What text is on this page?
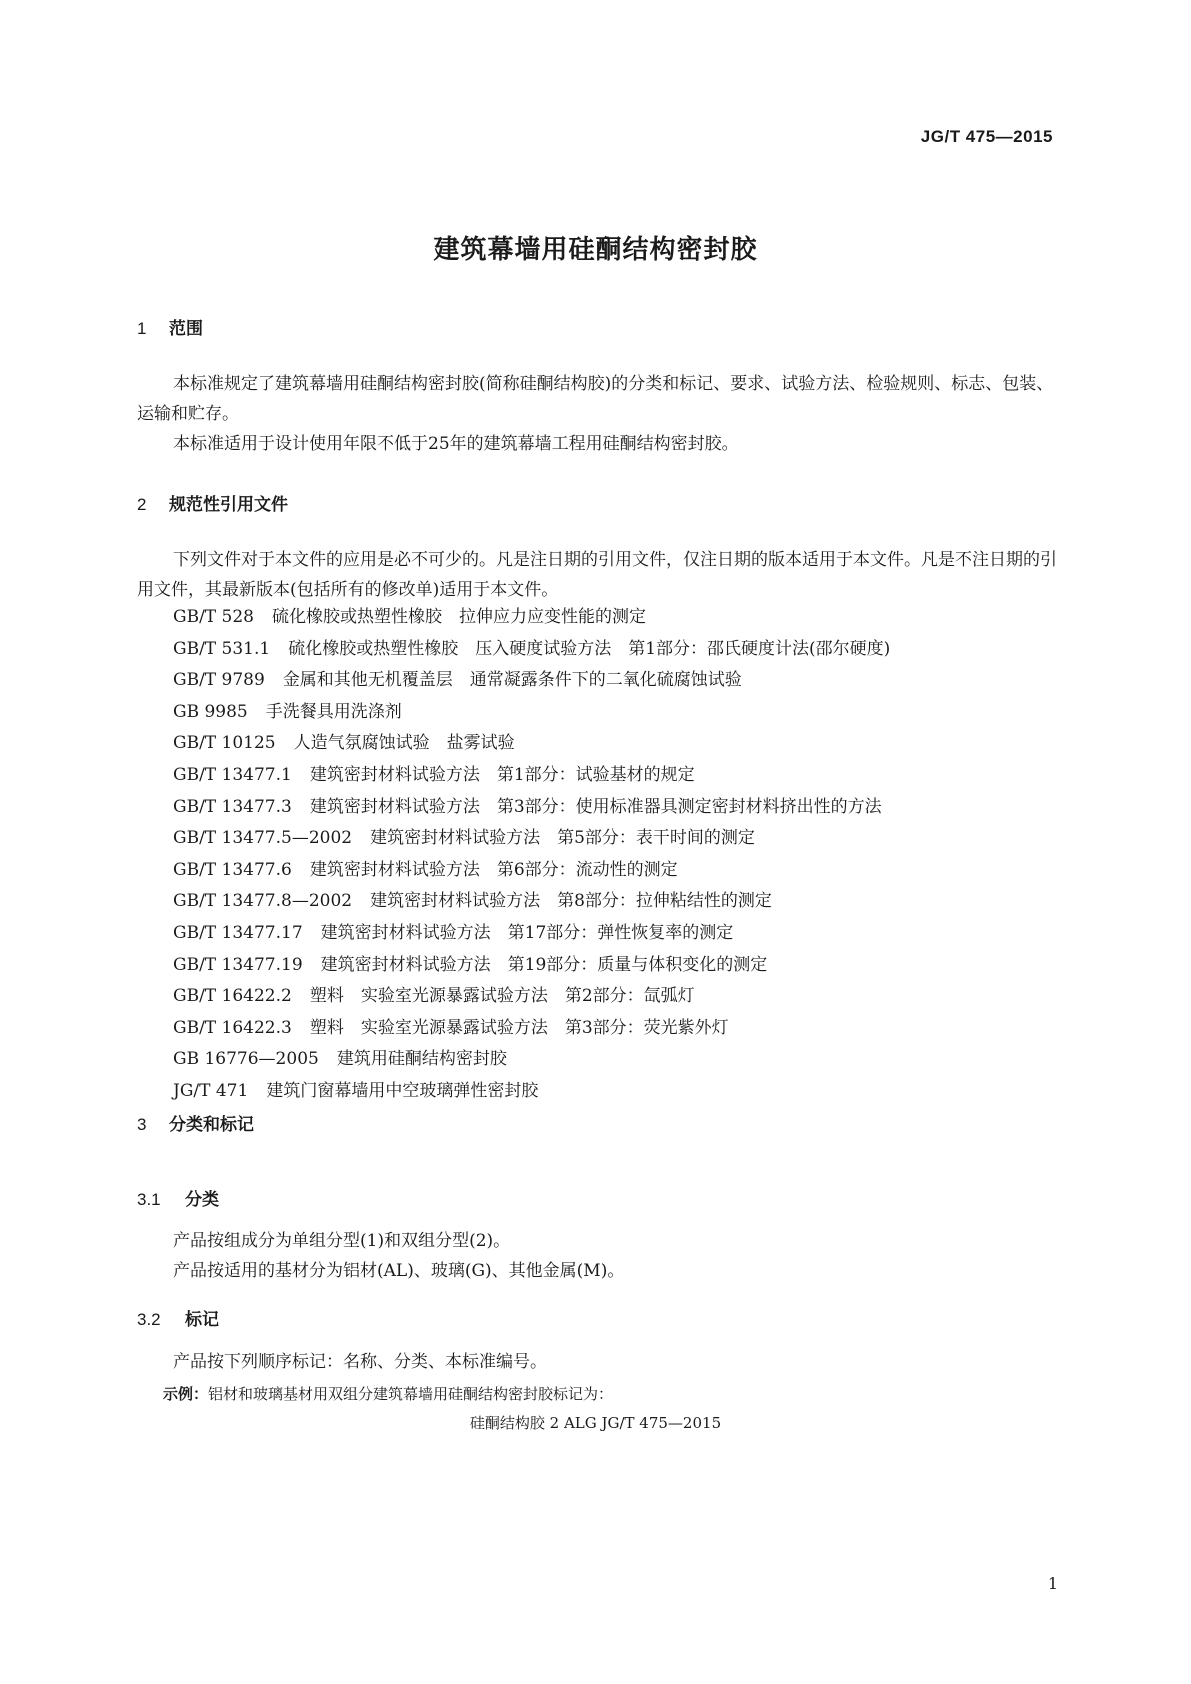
JG/T 475—2015
建筑幕墙用硅酮结构密封胶
1 范围

本标准规定了建筑幕墙用硅酮结构密封胶(简称硅酮结构胶)的分类和标记、要求、试验方法、检验规则、标志、包装、运输和贮存。

本标准适用于设计使用年限不低于25年的建筑幕墙工程用硅酮结构密封胶。

2 规范性引用文件

下列文件对于本文件的应用是必不可少的。凡是注日期的引用文件，仅注日期的版本适用于本文件。凡是不注日期的引用文件，其最新版本(包括所有的修改单)适用于本文件。

GB/T 528 硫化橡胶或热塑性橡胶　拉伸应力应变性能的测定
GB/T 531.1 硫化橡胶或热塑性橡胶　压入硬度试验方法　第1部分：邵氏硬度计法(邵尔硬度)
GB/T 9789 金属和其他无机覆盖层　通常凝露条件下的二氧化硫腐蚀试验
GB 9985 手洗餐具用洗涤剂
GB/T 10125 人造气氛腐蚀试验　盐雾试验
GB/T 13477.1 建筑密封材料试验方法　第1部分：试验基材的规定
GB/T 13477.3 建筑密封材料试验方法　第3部分：使用标准器具测定密封材料挤出性的方法
GB/T 13477.5—2002 建筑密封材料试验方法　第5部分：表干时间的测定
GB/T 13477.6 建筑密封材料试验方法　第6部分：流动性的测定
GB/T 13477.8—2002 建筑密封材料试验方法　第8部分：拉伸粘结性的测定
GB/T 13477.17 建筑密封材料试验方法　第17部分：弹性恢复率的测定
GB/T 13477.19 建筑密封材料试验方法　第19部分：质量与体积变化的测定
GB/T 16422.2 塑料　实验室光源暴露试验方法　第2部分：氙弧灯
GB/T 16422.3 塑料　实验室光源暴露试验方法　第3部分：荧光紫外灯
GB 16776—2005 建筑用硅酮结构密封胶
JG/T 471 建筑门窗幕墙用中空玻璃弹性密封胶
3 分类和标记
3.1 分类

产品按组成分为单组分型(1)和双组分型(2)。

产品按适用的基材分为铝材(AL)、玻璃(G)、其他金属(M)。

3.2 标记

产品按下列顺序标记：名称、分类、本标准编号。

示例：铝材和玻璃基材用双组分建筑幕墙用硅酮结构密封胶标记为：
硅酮结构胶 2 ALG JG/T 475—2015
1
